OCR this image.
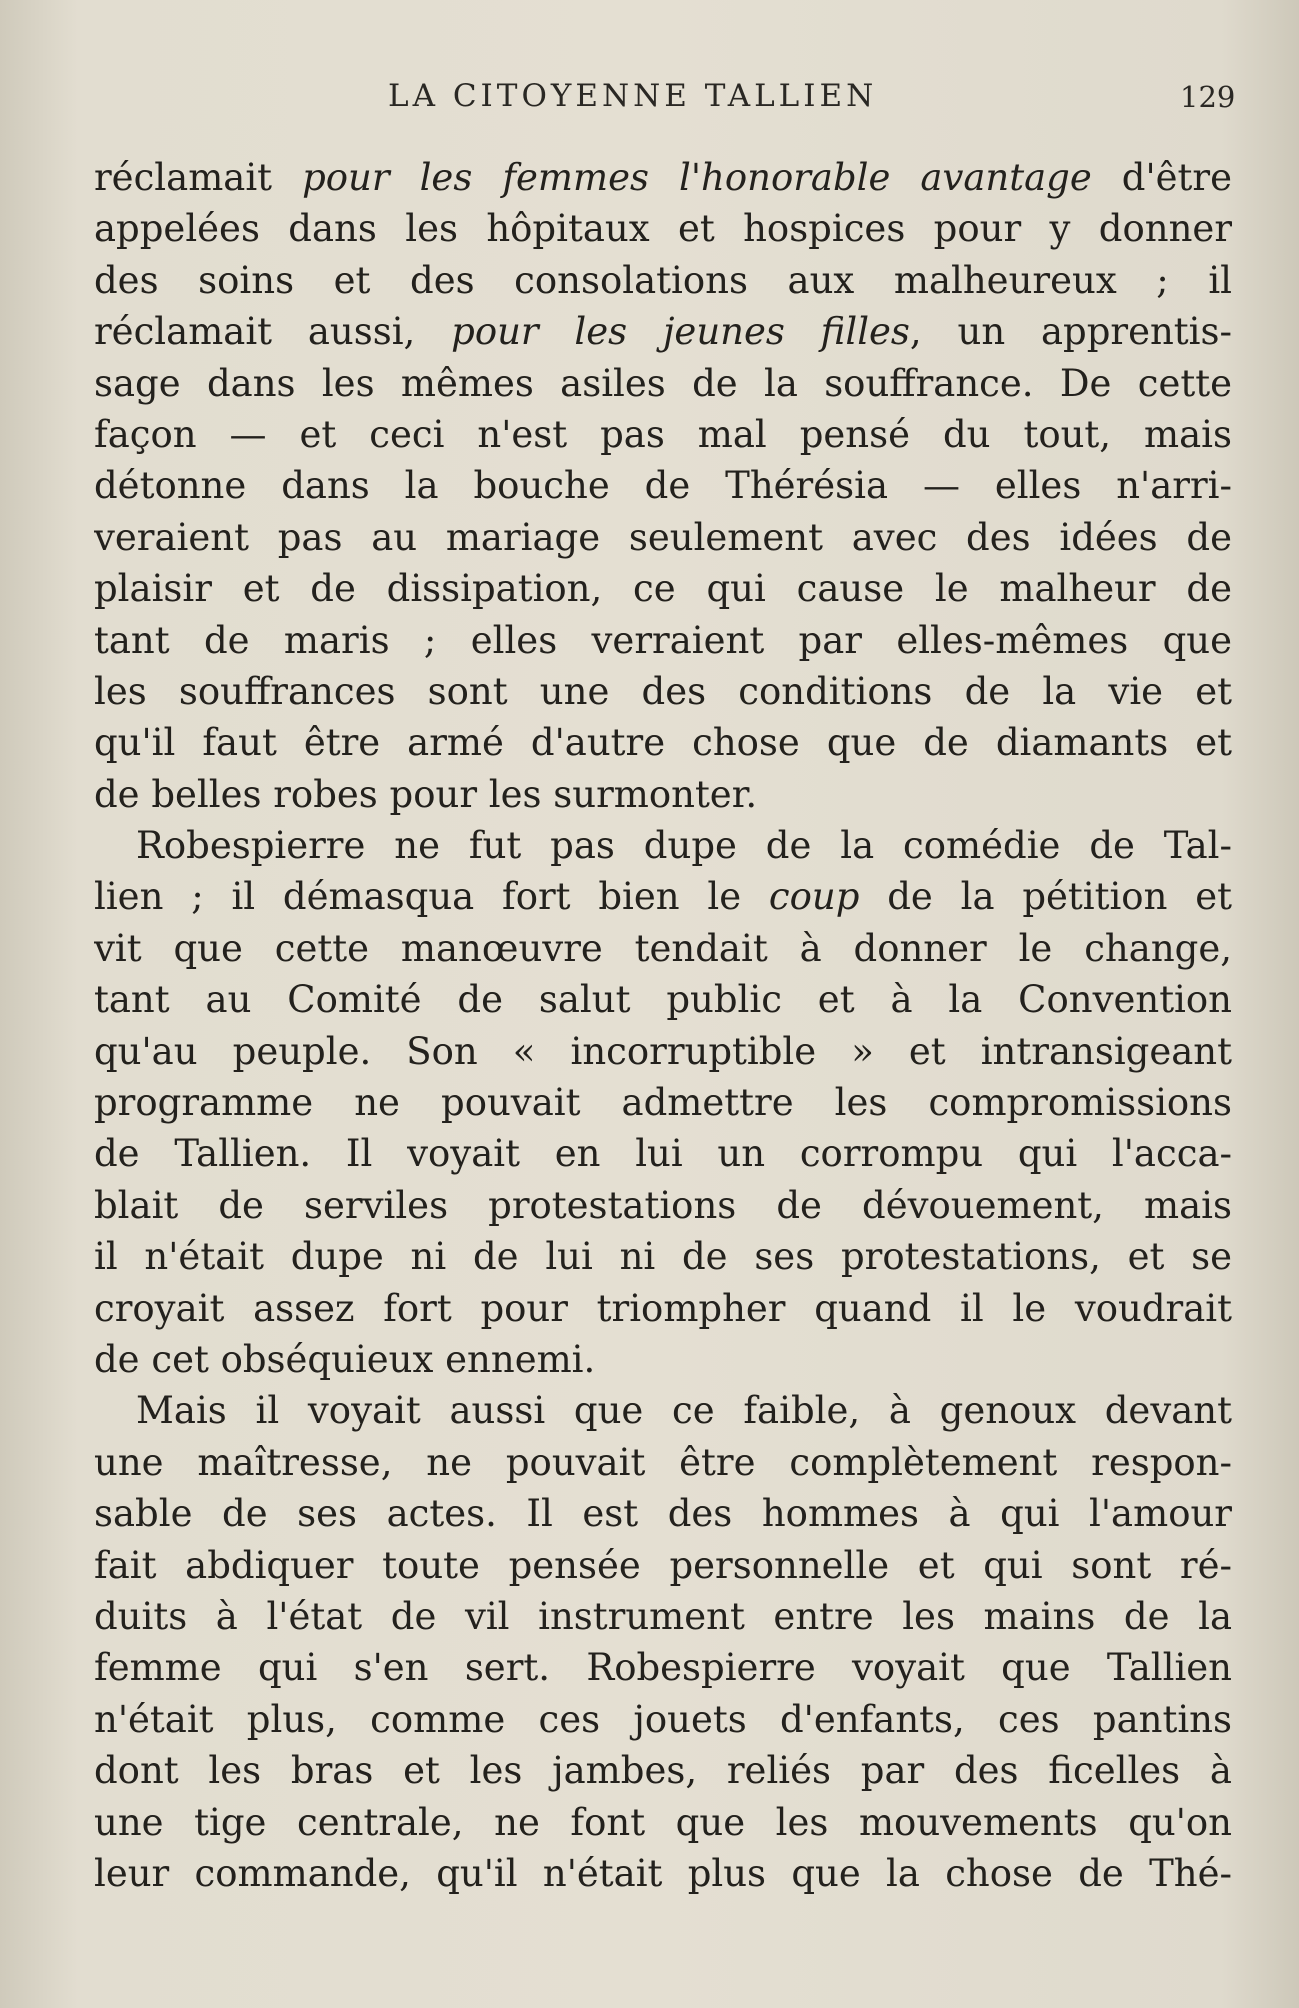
LA CITOYENNE TALLIEN	129
réclamait pour les femmes l'honorable avantage d'être
appelées dans les hôpitaux et hospices pour y donner
des soins et des consolations aux malheureux ; il
réclamait aussi, pour les jeunes filles, un apprentis-
sage dans les mêmes asiles de la souffrance. De cette
façon — et ceci n'est pas mal pensé du tout, mais
détonne dans la bouche de Thérésia — elles n'arri-
veraient pas au mariage seulement avec des idées de
plaisir et de dissipation, ce qui cause le malheur de
tant de maris ; elles verraient par elles-mêmes que
les souffrances sont une des conditions de la vie et
qu'il faut être armé d'autre chose que de diamants et
de belles robes pour les surmonter.
Robespierre ne fut pas dupe de la comédie de Tal-
lien ; il démasqua fort bien le coup de la pétition et
vit que cette manœuvre tendait à donner le change,
tant au Comité de salut public et à la Convention
qu'au peuple. Son « incorruptible » et intransigeant
programme ne pouvait admettre les compromissions
de Tallien. Il voyait en lui un corrompu qui l'acca-
blait de serviles protestations de dévouement, mais
il n'était dupe ni de lui ni de ses protestations, et se
croyait assez fort pour triompher quand il le voudrait
de cet obséquieux ennemi.
Mais il voyait aussi que ce faible, à genoux devant
une maîtresse, ne pouvait être complètement respon-
sable de ses actes. Il est des hommes à qui l'amour
fait abdiquer toute pensée personnelle et qui sont ré-
duits à l'état de vil instrument entre les mains de la
femme qui s'en sert. Robespierre voyait que Tallien
n'était plus, comme ces jouets d'enfants, ces pantins
dont les bras et les jambes, reliés par des ficelles à
une tige centrale, ne font que les mouvements qu'on
leur commande, qu'il n'était plus que la chose de Thé-
